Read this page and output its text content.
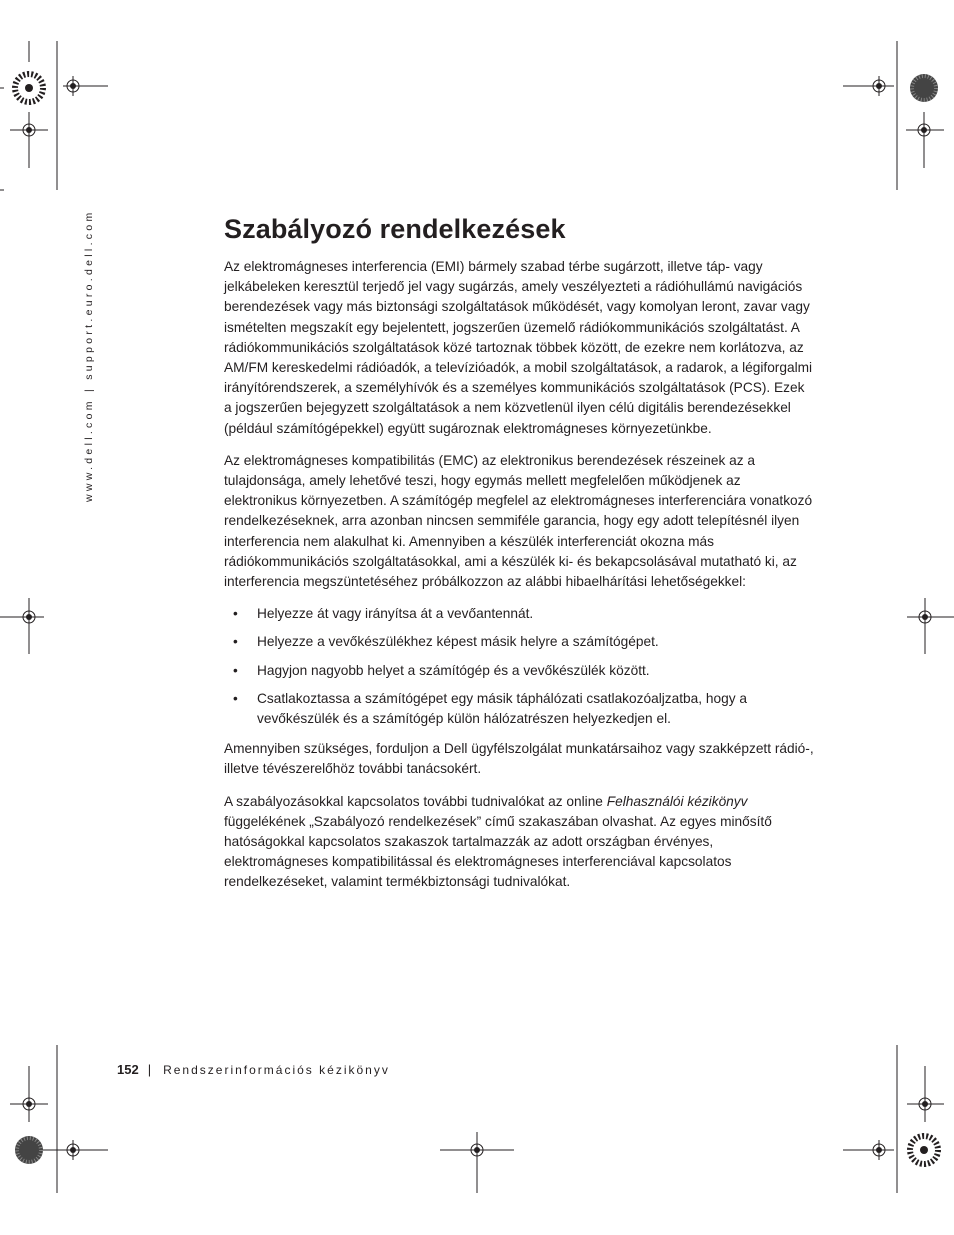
www.dell.com | support.euro.dell.com	Szabályozó rendelkezések

Az elektromágneses interferencia (EMI) bármely szabad térbe sugárzott, illetve táp- vagy jelkábeleken keresztül terjedő jel vagy sugárzás, amely veszélyezteti a rádióhullámú navigációs berendezések vagy más biztonsági szolgáltatások működését, vagy komolyan leront, zavar vagy ismételten megszakít egy bejelentett, jogszerűen üzemelő rádiókommunikációs szolgáltatást. A rádiókommunikációs szolgáltatások közé tartoznak többek között, de ezekre nem korlátozva, az AM/FM kereskedelmi rádióadók, a televízióadók, a mobil szolgáltatások, a radarok, a légiforgalmi irányítórendszerek, a személyhívók és a személyes kommunikációs szolgáltatások (PCS). Ezek a jogszerűen bejegyzett szolgáltatások a nem közvetlenül ilyen célú digitális berendezésekkel (például számítógépekkel) együtt sugároznak elektromágneses környezetünkbe.

Az elektromágneses kompatibilitás (EMC) az elektronikus berendezések részeinek az a tulajdonsága, amely lehetővé teszi, hogy egymás mellett megfelelően működjenek az elektronikus környezetben. A számítógép megfelel az elektromágneses interferenciára vonatkozó rendelkezéseknek, arra azonban nincsen semmiféle garancia, hogy egy adott telepítésnél ilyen interferencia nem alakulhat ki. Amennyiben a készülék interferenciát okozna más rádiókommunikációs szolgáltatásokkal, ami a készülék ki- és bekapcsolásával mutatható ki, az interferencia megszüntetéséhez próbálkozzon az alábbi hibaelhárítási lehetőségekkel:

• Helyezze át vagy irányítsa át a vevőantennát.
• Helyezze a vevőkészülékhez képest másik helyre a számítógépet.
• Hagyjon nagyobb helyet a számítógép és a vevőkészülék között.
• Csatlakoztassa a számítógépet egy másik táphálózati csatlakozóaljzatba, hogy a vevőkészülék és a számítógép külön hálózatrészen helyezkedjen el.

Amennyiben szükséges, forduljon a Dell ügyfélszolgálat munkatársaihoz vagy szakképzett rádió-, illetve tévészerelőhöz további tanácsokért.

A szabályozásokkal kapcsolatos további tudnivalókat az online Felhasználói kézikönyv függelékének „Szabályozó rendelkezések” című szakaszában olvashat. Az egyes minősítő hatóságokkal kapcsolatos szakaszok tartalmazzák az adott országban érvényes, elektromágneses kompatibilitással és elektromágneses interferenciával kapcsolatos rendelkezéseket, valamint termékbiztonsági tudnivalókat.

152 | Rendszerinformációs kézikönyv
